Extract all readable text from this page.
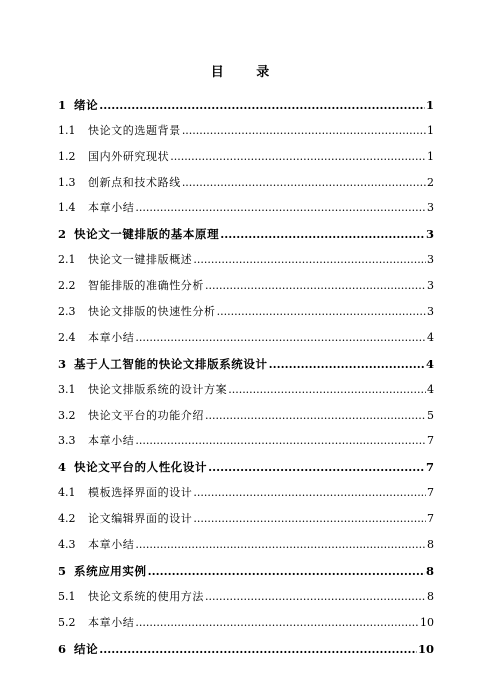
目 录
1 绪论 .....	1
1.1	快论文的选题背景 .....	1
1.2	国内外研究现状 .....	1
1.3	创新点和技术路线 .....	2
1.4	本章小结 .....	3
2 快论文一键排版的基本原理 .....	3
2.1	快论文一键排版概述 .....	3
2.2	智能排版的准确性分析 .....	3
2.3	快论文排版的快速性分析 .....	3
2.4	本章小结 .....	4
3 基于人工智能的快论文排版系统设计 .....	4
3.1	快论文排版系统的设计方案 .....	4
3.2	快论文平台的功能介绍 .....	5
3.3	本章小结 .....	7
4 快论文平台的人性化设计 .....	7
4.1	模板选择界面的设计 .....	7
4.2	论文编辑界面的设计 .....	7
4.3	本章小结 .....	8
5 系统应用实例 .....	8
5.1	快论文系统的使用方法 .....	8
5.2	本章小结 .....	10
6 结论 .....	10
